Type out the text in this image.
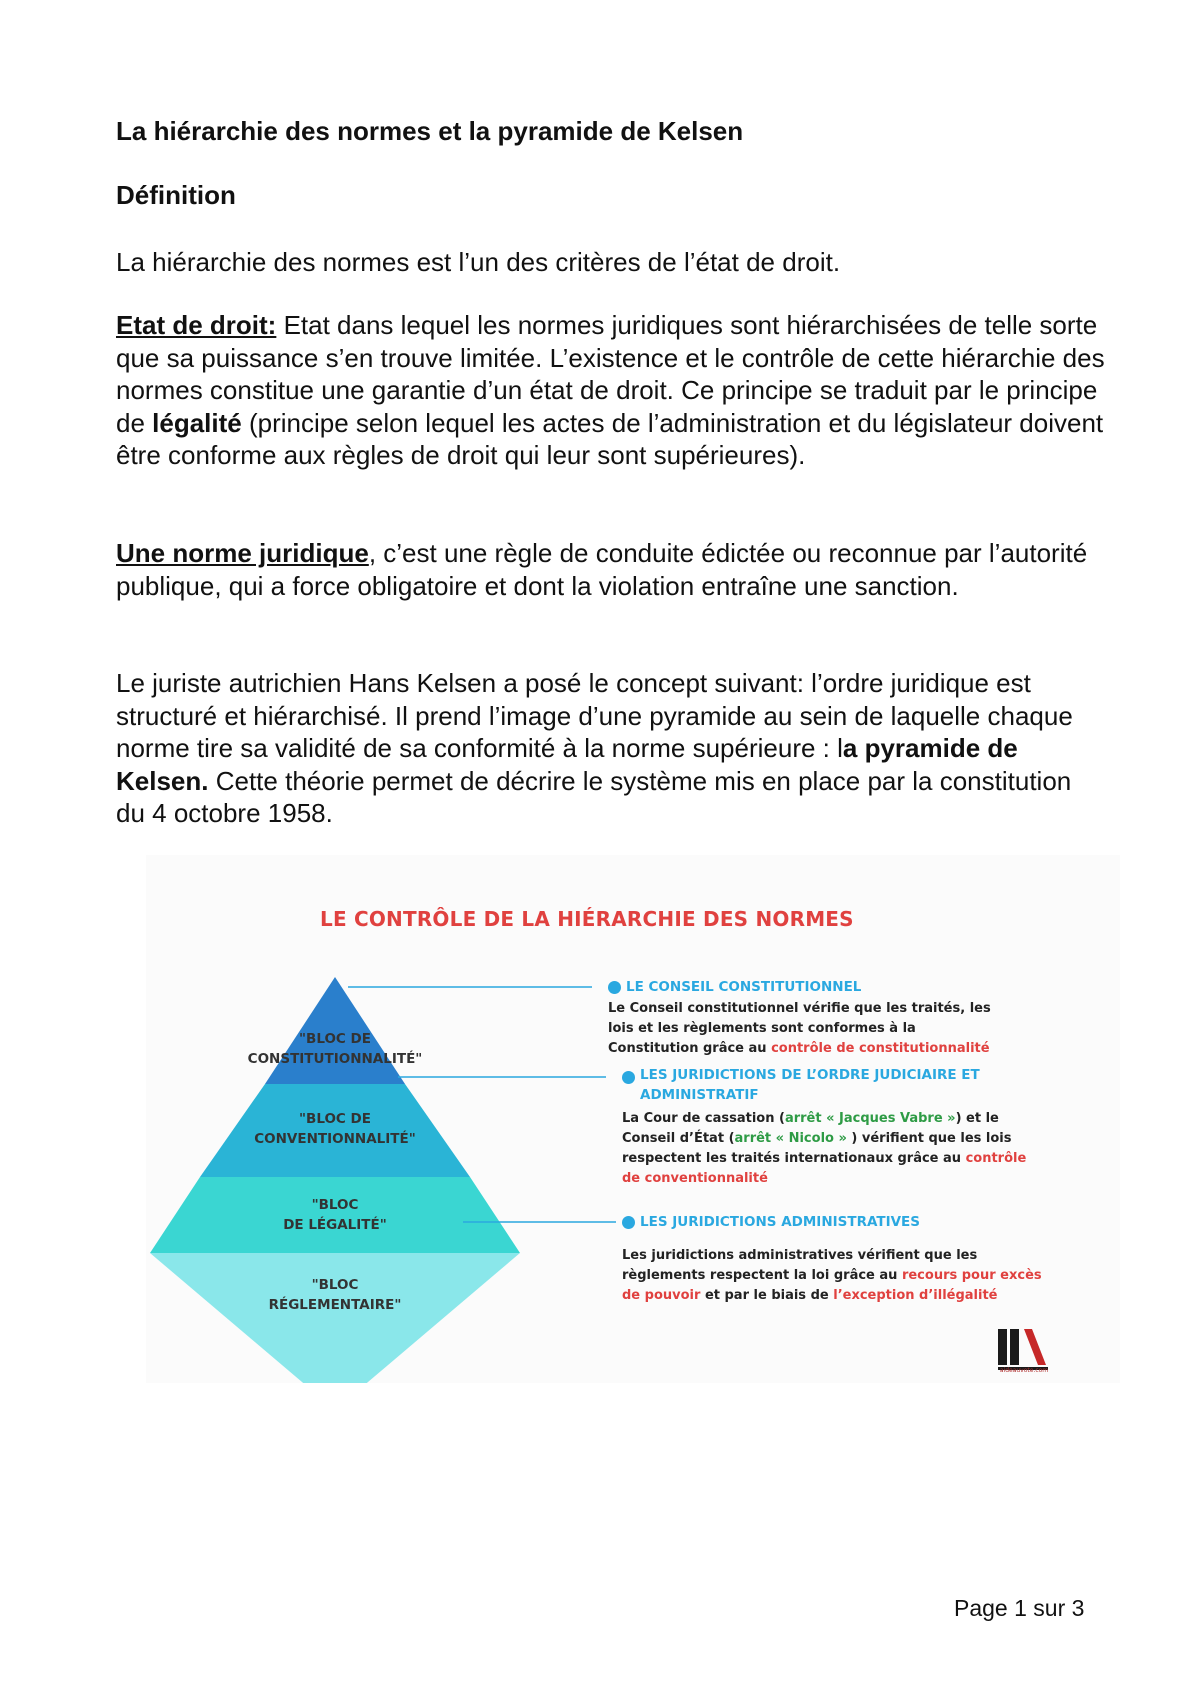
La hiérarchie des normes et la pyramide de Kelsen

Définition

La hiérarchie des normes est l’un des critères de l’état de droit.

Etat de droit: Etat dans lequel les normes juridiques sont hiérarchisées de telle sorte que sa puissance s’en trouve limitée. L’existence et le contrôle de cette hiérarchie des normes constitue une garantie d’un état de droit. Ce principe se traduit par le principe de légalité (principe selon lequel les actes de l’administration et du législateur doivent être conforme aux règles de droit qui leur sont supérieures).

Une norme juridique, c’est une règle de conduite édictée ou reconnue par l’autorité publique, qui a force obligatoire et dont la violation entraîne une sanction.

Le juriste autrichien Hans Kelsen a posé le concept suivant: l’ordre juridique est structuré et hiérarchisé. Il prend l’image d’une pyramide au sein de laquelle chaque norme tire sa validité de sa conformité à la norme supérieure : la pyramide de Kelsen. Cette théorie permet de décrire le système mis en place par la constitution du 4 octobre 1958.

LE CONTRÔLE DE LA HIÉRARCHIE DES NORMES

"BLOC DE
CONSTITUTIONNALITÉ"

"BLOC DE
CONVENTIONNALITÉ"

"BLOC
DE LÉGALITÉ"

"BLOC
RÉGLEMENTAIRE"

LE CONSEIL CONSTITUTIONNEL

Le Conseil constitutionnel vérifie que les traités, les lois et les règlements sont conformes à la Constitution grâce au contrôle de constitutionnalité

LES JURIDICTIONS DE L’ORDRE JUDICIAIRE ET ADMINISTRATIF

La Cour de cassation (arrêt « Jacques Vabre ») et le Conseil d’État (arrêt « Nicolo » ) vérifient que les lois respectent les traités internationaux grâce au contrôle de conventionnalité

LES JURIDICTIONS ADMINISTRATIVES

Les juridictions administratives vérifient que les règlements respectent la loi grâce au recours pour excès de pouvoir et par le biais de l’exception d’illégalité

aideauvote.com

Page 1 sur 3
